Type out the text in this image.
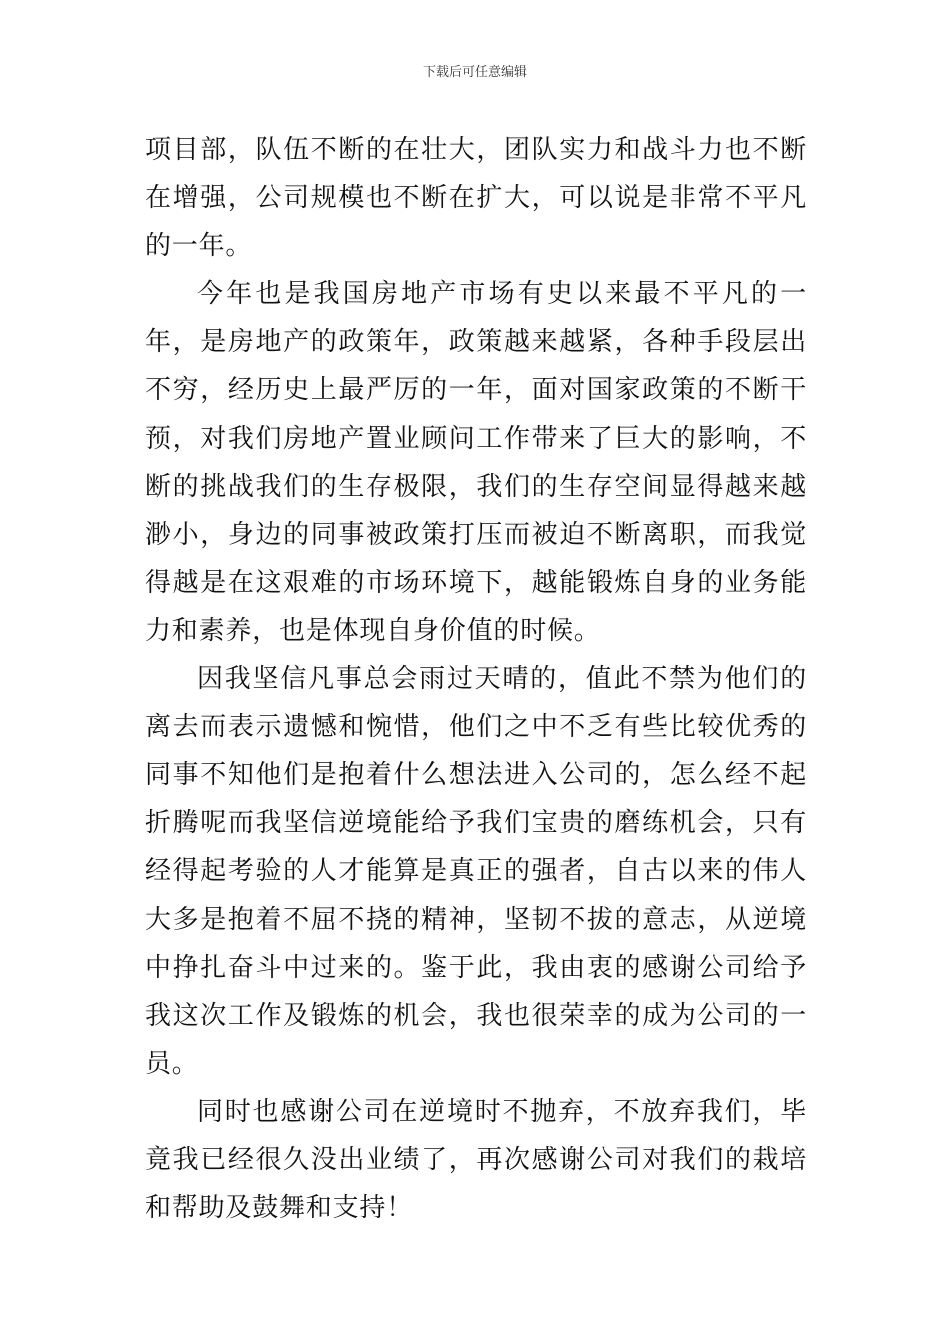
下载后可任意编辑

项目部，队伍不断的在壮大，团队实力和战斗力也不断在增强，公司规模也不断在扩大，可以说是非常不平凡的一年。

今年也是我国房地产市场有史以来最不平凡的一年，是房地产的政策年，政策越来越紧，各种手段层出不穷，经历史上最严厉的一年，面对国家政策的不断干预，对我们房地产置业顾问工作带来了巨大的影响，不断的挑战我们的生存极限，我们的生存空间显得越来越渺小，身边的同事被政策打压而被迫不断离职，而我觉得越是在这艰难的市场环境下，越能锻炼自身的业务能力和素养，也是体现自身价值的时候。

因我坚信凡事总会雨过天晴的，值此不禁为他们的离去而表示遗憾和惋惜，他们之中不乏有些比较优秀的同事不知他们是抱着什么想法进入公司的，怎么经不起折腾呢而我坚信逆境能给予我们宝贵的磨练机会，只有经得起考验的人才能算是真正的强者，自古以来的伟人大多是抱着不屈不挠的精神，坚韧不拔的意志，从逆境中挣扎奋斗中过来的。鉴于此，我由衷的感谢公司给予我这次工作及锻炼的机会，我也很荣幸的成为公司的一员。

同时也感谢公司在逆境时不抛弃，不放弃我们，毕竟我已经很久没出业绩了，再次感谢公司对我们的栽培和帮助及鼓舞和支持！
